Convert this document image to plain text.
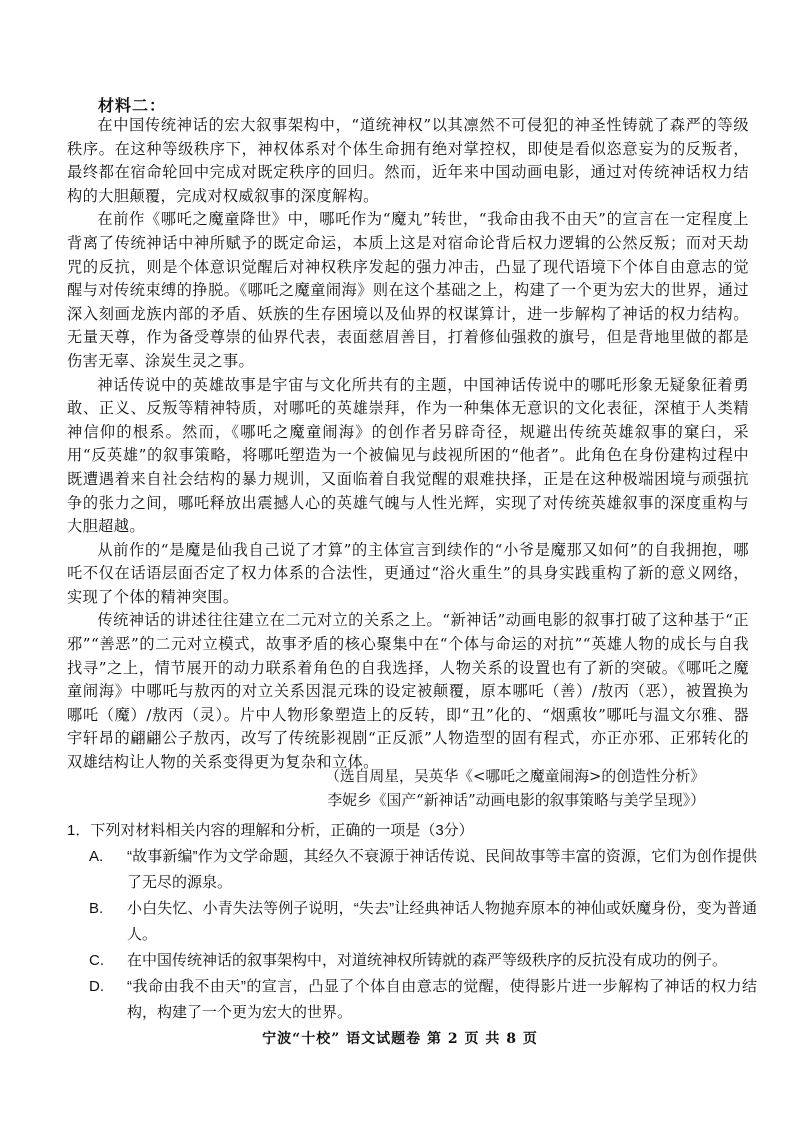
材料二：

在中国传统神话的宏大叙事架构中，“道统神权”以其凛然不可侵犯的神圣性铸就了森严的等级秩序。在这种等级秩序下，神权体系对个体生命拥有绝对掌控权，即使是看似恣意妄为的反叛者，最终都在宿命轮回中完成对既定秩序的回归。然而，近年来中国动画电影，通过对传统神话权力结构的大胆颠覆，完成对权威叙事的深度解构。

在前作《哪吒之魔童降世》中，哪吒作为“魔丸”转世，“我命由我不由天”的宣言在一定程度上背离了传统神话中神所赋予的既定命运，本质上这是对宿命论背后权力逻辑的公然反叛；而对天劫咒的反抗，则是个体意识觉醒后对神权秩序发起的强力冲击，凸显了现代语境下个体自由意志的觉醒与对传统束缚的挣脱。《哪吒之魔童闹海》则在这个基础之上，构建了一个更为宏大的世界，通过深入刻画龙族内部的矛盾、妖族的生存困境以及仙界的权谋算计，进一步解构了神话的权力结构。无量天尊，作为备受尊崇的仙界代表，表面慈眉善目，打着修仙强救的旗号，但是背地里做的都是伤害无辜、涂炭生灵之事。

神话传说中的英雄故事是宇宙与文化所共有的主题，中国神话传说中的哪吒形象无疑象征着勇敢、正义、反叛等精神特质，对哪吒的英雄崇拜，作为一种集体无意识的文化表征，深植于人类精神信仰的根系。然而，《哪吒之魔童闹海》的创作者另辟奇径，规避出传统英雄叙事的窠臼，采用“反英雄”的叙事策略，将哪吒塑造为一个被偏见与歧视所困的“他者”。此角色在身份建构过程中既遭遇着来自社会结构的暴力规训，又面临着自我觉醒的艰难抉择，正是在这种极端困境与顽强抗争的张力之间，哪吒释放出震撼人心的英雄气魄与人性光辉，实现了对传统英雄叙事的深度重构与大胆超越。

从前作的“是魔是仙我自己说了才算”的主体宣言到续作的“小爷是魔那又如何”的自我拥抱，哪吒不仅在话语层面否定了权力体系的合法性，更通过“浴火重生”的具身实践重构了新的意义网络，实现了个体的精神突围。

传统神话的讲述往往建立在二元对立的关系之上。“新神话”动画电影的叙事打破了这种基于“正邪”“善恶”的二元对立模式，故事矛盾的核心聚集中在“个体与命运的对抗”“英雄人物的成长与自我找寻”之上，情节展开的动力联系着角色的自我选择，人物关系的设置也有了新的突破。《哪吒之魔童闹海》中哪吒与敖丙的对立关系因混元珠的设定被颠覆，原本哪吒（善）/敖丙（恶），被置换为哪吒（魔）/敖丙（灵）。片中人物形象塑造上的反转，即“丑”化的、“烟熏妆”哪吒与温文尔雅、器宇轩昂的翩翩公子敖丙，改写了传统影视剧“正反派”人物造型的固有程式，亦正亦邪、正邪转化的双雄结构让人物的关系变得更为复杂和立体。

（选自周星，吴英华《<哪吒之魔童闹海>的创造性分析》
李妮乡《国产“新神话”动画电影的叙事策略与美学呈现》）

1．下列对材料相关内容的理解和分析，正确的一项是（3分）

A.	“故事新编”作为文学命题，其经久不衰源于神话传说、民间故事等丰富的资源，它们为创作提供了无尽的源泉。
B.	小白失忆、小青失法等例子说明，“失去”让经典神话人物抛弃原本的神仙或妖魔身份，变为普通人。
C.	在中国传统神话的叙事架构中，对道统神权所铸就的森严等级秩序的反抗没有成功的例子。
D.	“我命由我不由天”的宣言，凸显了个体自由意志的觉醒，使得影片进一步解构了神话的权力结构，构建了一个更为宏大的世界。
宁波“十校” 语文试题卷 第 2 页 共 8 页
